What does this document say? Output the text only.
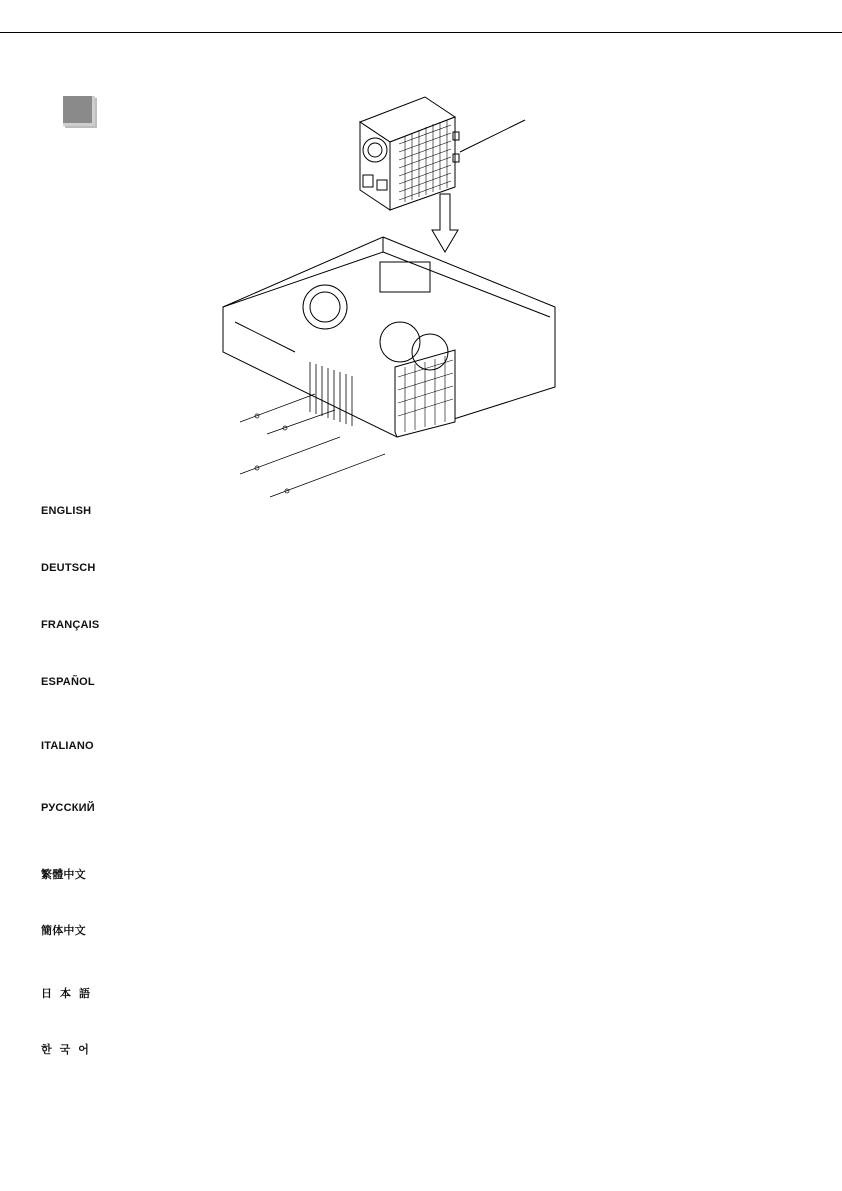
ENGLISH
DEUTSCH
FRANÇAIS
ESPAÑOL
ITALIANO
РУССКИЙ
繁體中文
簡体中文
日本語
한국어
